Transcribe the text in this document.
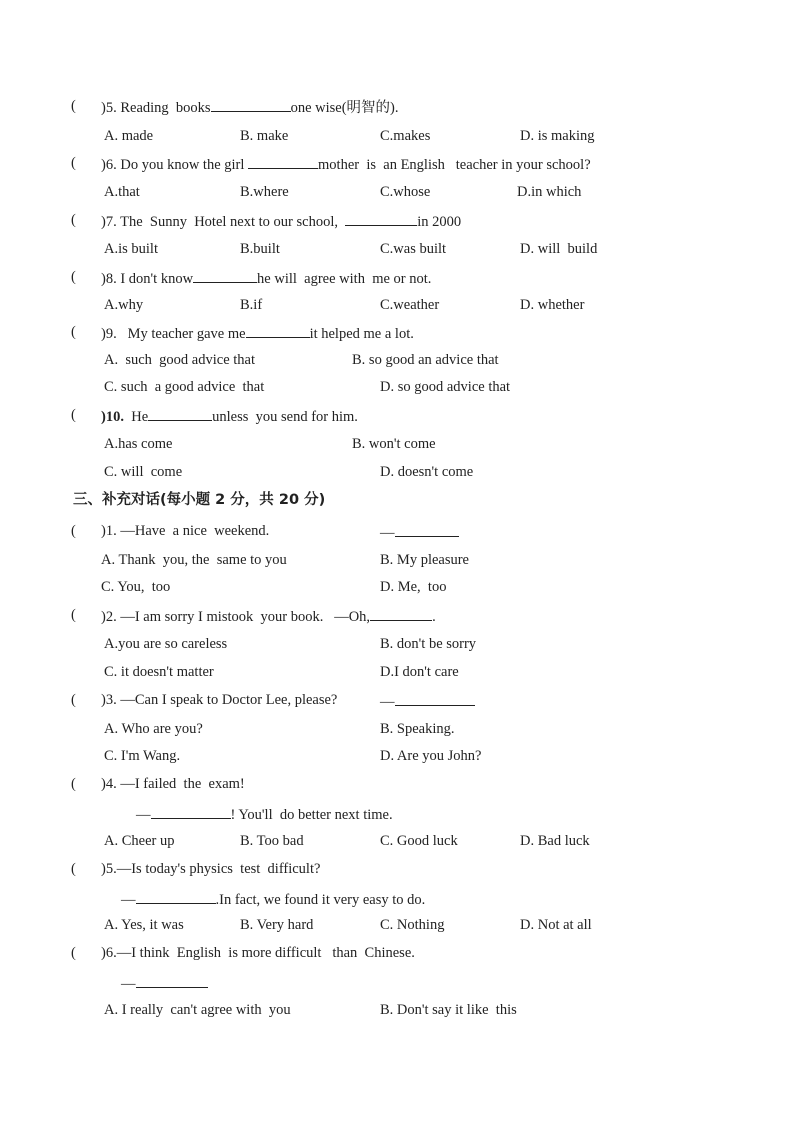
( )5. Reading  books	one wise(明智的).
A. made	B. make	C.makes	D. is making
( )6. Do you know the girl	mother  is  an English   teacher in your school?
A.that	B.where	C.whose	D.in which
( )7. The  Sunny  Hotel next to our school,	in 2000
A.is built	B.built	C.was built	D. will  build
( )8. I don't know	he will  agree with  me or not.
A.why	B.if	C.weather	D. whether
( )9.   My teacher gave me	it helped me a lot.
A.  such  good advice that	B. so good an advice that
C. such  a good advice  that	D. so good advice that
( )10.  He	unless  you send for him.
A.has come	B. won't come
C. will  come	D. doesn't come
三、补充对话(每小题 2 分，共 20 分)
( )1. —Have  a nice  weekend.	—
A. Thank  you, the  same to you	B. My pleasure
C. You,  too	D. Me,  too
( )2. —I am sorry I mistook  your book. —Oh,	.
A.you are so careless	B. don't be sorry
C. it doesn't matter	D.I don't care
( )3. —Can I speak to Doctor Lee, please?	—
A. Who are you?	B. Speaking.
C. I'm Wang.	D. Are you John?
( )4. —I failed  the  exam!
—	! You'll  do better next time.
A. Cheer up	B. Too bad	C. Good luck	D. Bad luck
( )5.—Is today's physics  test  difficult?
—	.In fact, we found it very easy to do.
A. Yes, it was	B. Very hard	C. Nothing	D. Not at all
( )6.—I think  English  is more difficult   than  Chinese.
—
A. I really  can't agree with  you	B. Don't say it like  this
